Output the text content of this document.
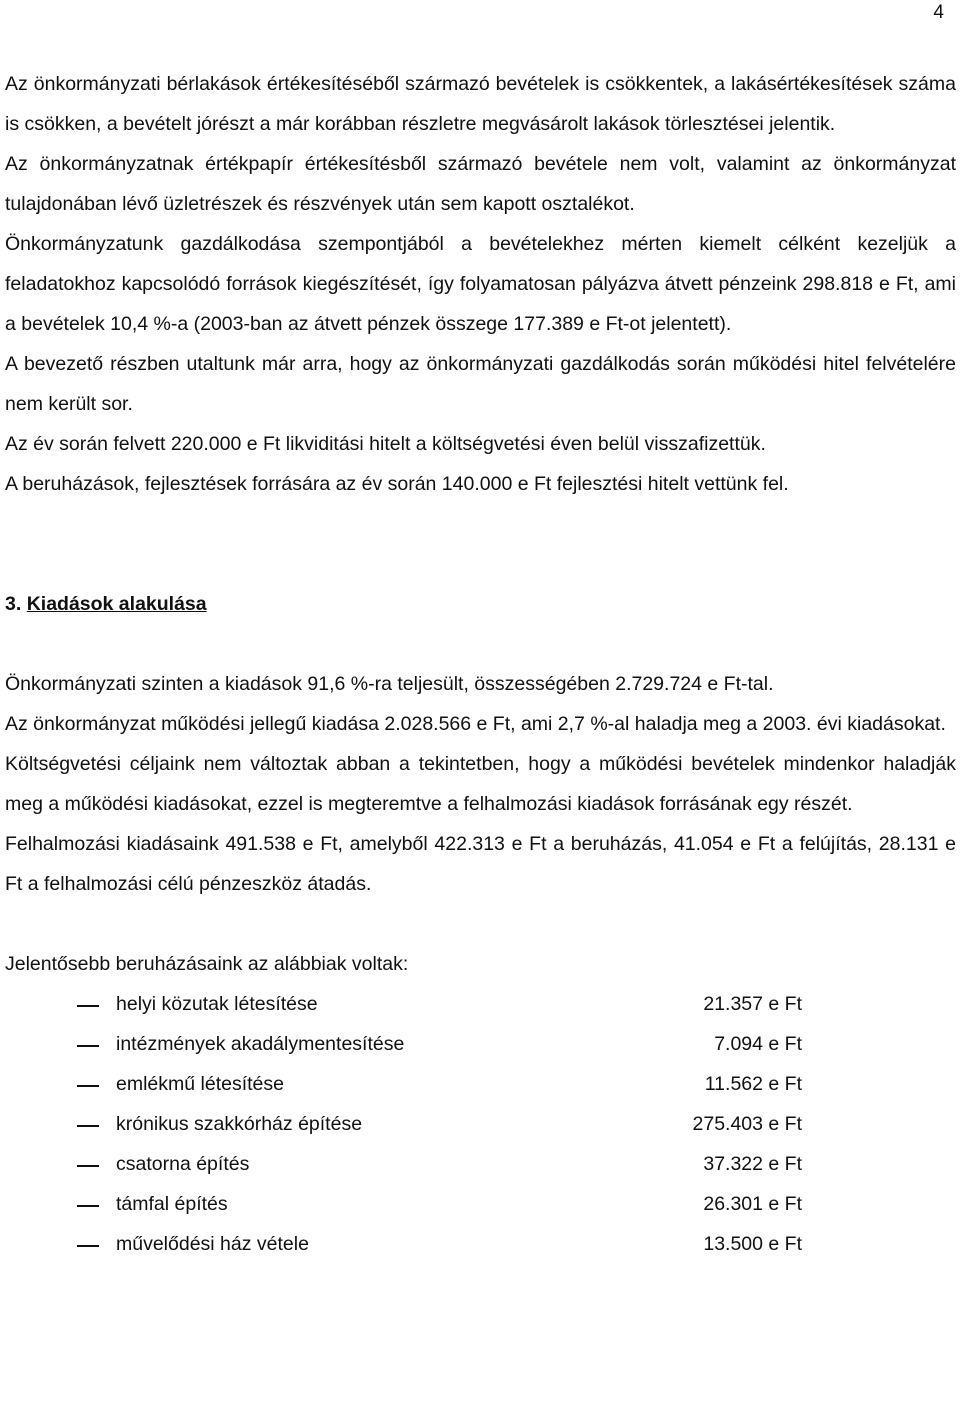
4

Az önkormányzati bérlakások értékesítéséből származó bevételek is csökkentek, a lakásértékesítések száma is csökken, a bevételt jórészt a már korábban részletre megvásárolt lakások törlesztései jelentik.

Az önkormányzatnak értékpapír értékesítésből származó bevétele nem volt, valamint az önkormányzat tulajdonában lévő üzletrészek és részvények után sem kapott osztalékot.

Önkormányzatunk gazdálkodása szempontjából a bevételekhez mérten kiemelt célként kezeljük a feladatokhoz kapcsolódó források kiegészítését, így folyamatosan pályázva átvett pénzeink 298.818 e Ft, ami a bevételek 10,4 %-a (2003-ban az átvett pénzek összege 177.389 e Ft-ot jelentett).

A bevezető részben utaltunk már arra, hogy az önkormányzati gazdálkodás során működési hitel felvételére nem került sor.

Az év során felvett 220.000 e Ft likviditási hitelt a költségvetési éven belül visszafizettük.

A beruházások, fejlesztések forrására az év során 140.000 e Ft fejlesztési hitelt vettünk fel.

3. Kiadások alakulása

Önkormányzati szinten a kiadások 91,6 %-ra teljesült, összességében 2.729.724 e Ft-tal.

Az önkormányzat működési jellegű kiadása 2.028.566 e Ft, ami 2,7 %-al haladja meg a 2003. évi kiadásokat.

Költségvetési céljaink nem változtak abban a tekintetben, hogy a működési bevételek mindenkor haladják meg a működési kiadásokat, ezzel is megteremtve a felhalmozási kiadások forrásának egy részét.

Felhalmozási kiadásaink 491.538 e Ft, amelyből 422.313 e Ft a beruházás, 41.054 e Ft a felújítás, 28.131 e Ft a felhalmozási célú pénzeszköz átadás.

Jelentősebb beruházásaink az alábbiak voltak:

helyi közutak létesítése	21.357 e Ft
intézmények akadálymentesítése	7.094 e Ft
emlékmű létesítése	11.562 e Ft
krónikus szakkórház építése	275.403 e Ft
csatorna építés	37.322 e Ft
támfal építés	26.301 e Ft
művelődési ház vétele	13.500 e Ft
